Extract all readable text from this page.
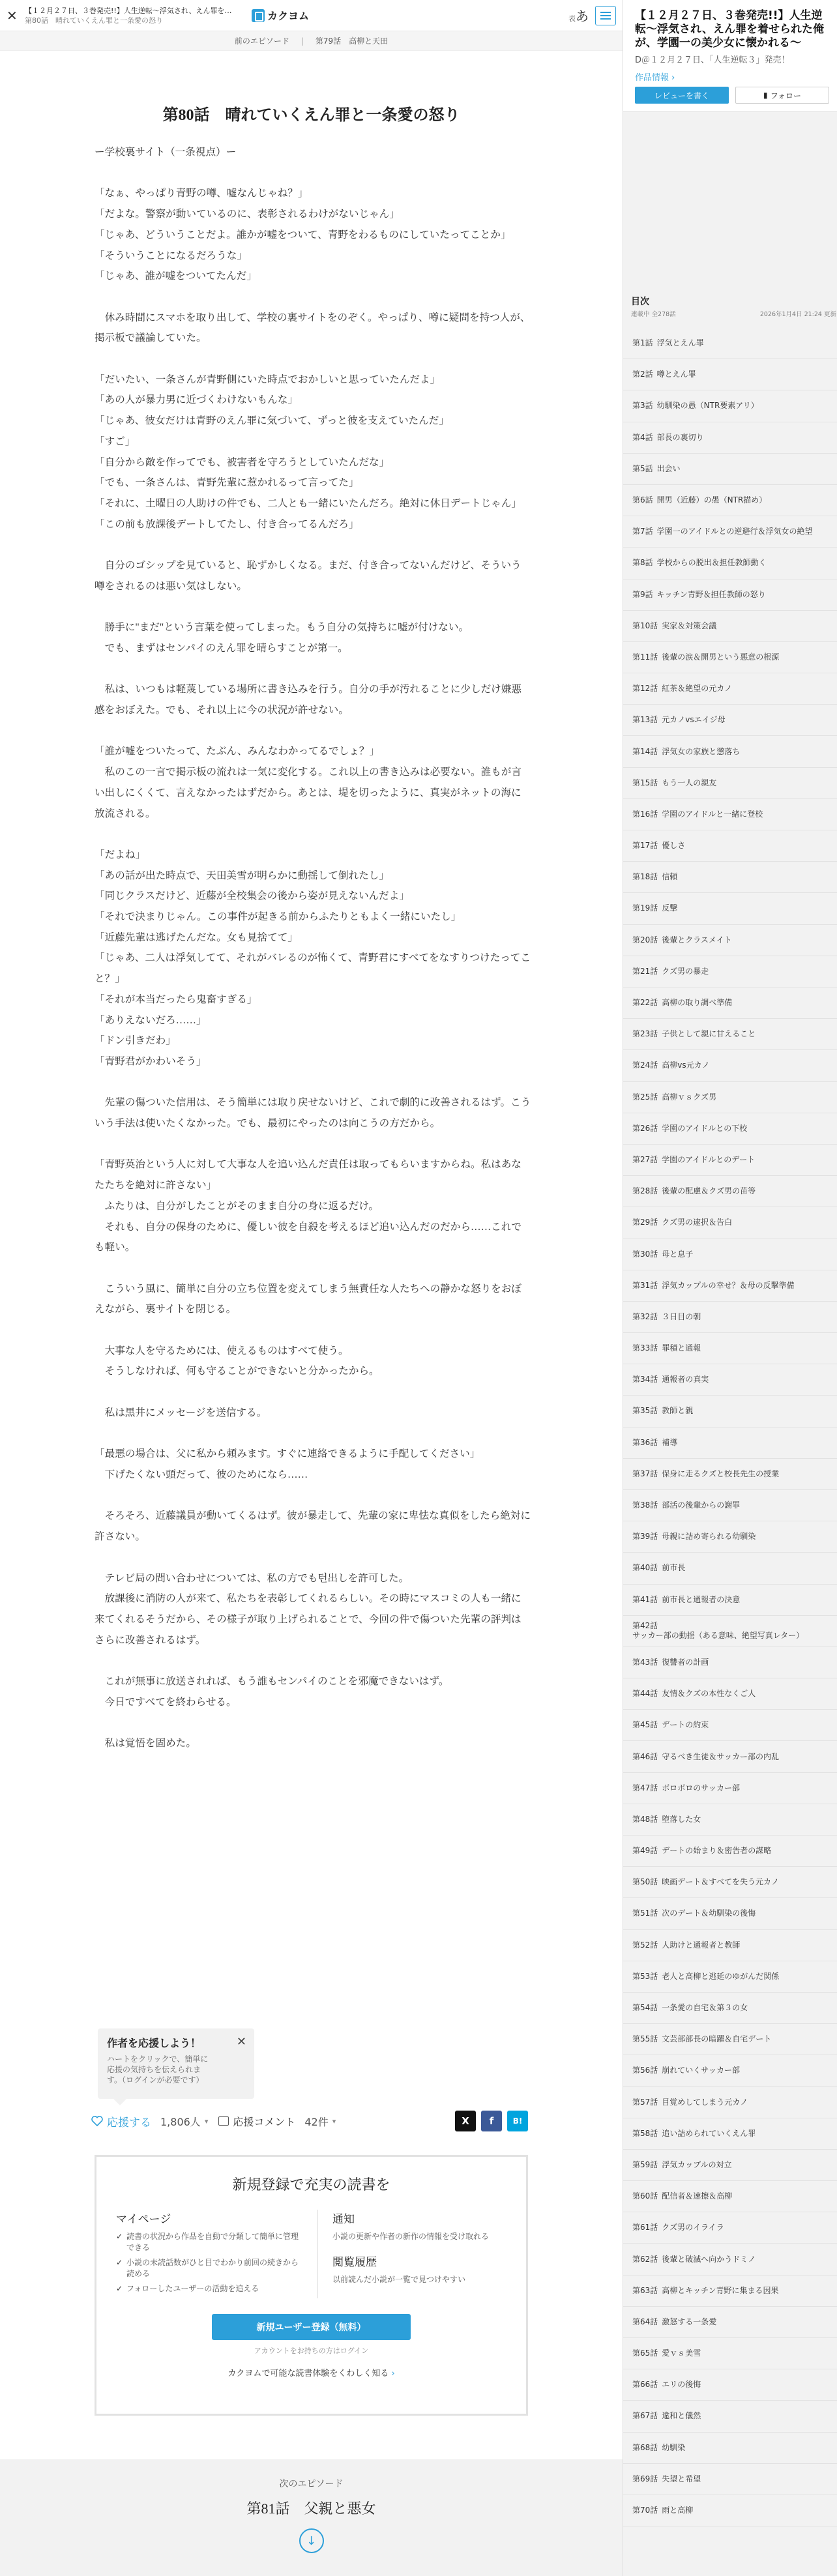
✕	【１２月２７日、３巻発売!!】人生逆転〜浮気され、えん罪を…
第80話　晴れていくえん罪と一条愛の怒り	カクヨム	表あ
前のエピソード | 第79話　高柳と天田
第80話　晴れていくえん罪と一条愛の怒り

ー学校裏サイト（一条視点）ー

「なぁ、やっぱり青野の噂、嘘なんじゃね？」

「だよな。警察が動いているのに、表彰されるわけがないじゃん」

「じゃあ、どういうことだよ。誰かが嘘をついて、青野をわるものにしていたってことか」

「そういうことになるだろうな」

「じゃあ、誰が嘘をついてたんだ」

　休み時間にスマホを取り出して、学校の裏サイトをのぞく。やっぱり、噂に疑問を持つ人が、掲示板で議論していた。

「だいたい、一条さんが青野側にいた時点でおかしいと思っていたんだよ」

「あの人が暴力男に近づくわけないもんな」

「じゃあ、彼女だけは青野のえん罪に気づいて、ずっと彼を支えていたんだ」

「すご」

「自分から敵を作ってでも、被害者を守ろうとしていたんだな」

「でも、一条さんは、青野先輩に惹かれるって言ってた」

「それに、土曜日の人助けの件でも、二人とも一緒にいたんだろ。絶対に休日デートじゃん」

「この前も放課後デートしてたし、付き合ってるんだろ」

　自分のゴシップを見ていると、恥ずかしくなる。まだ、付き合ってないんだけど、そういう噂をされるのは悪い気はしない。

　勝手に"まだ"という言葉を使ってしまった。もう自分の気持ちに嘘が付けない。

　でも、まずはセンパイのえん罪を晴らすことが第一。

　私は、いつもは軽蔑している場所に書き込みを行う。自分の手が汚れることに少しだけ嫌悪感をおぼえた。でも、それ以上に今の状況が許せない。

「誰が嘘をついたって、たぶん、みんなわかってるでしょ？」

　私のこの一言で掲示板の流れは一気に変化する。これ以上の書き込みは必要ない。誰もが言い出しにくくて、言えなかったはずだから。あとは、堤を切ったように、真実がネットの海に放流される。

「だよね」

「あの話が出た時点で、天田美雪が明らかに動揺して倒れたし」

「同じクラスだけど、近藤が全校集会の後から姿が見えないんだよ」

「それで決まりじゃん。この事件が起きる前からふたりともよく一緒にいたし」

「近藤先輩は逃げたんだな。女も見捨てて」

「じゃあ、二人は浮気してて、それがバレるのが怖くて、青野君にすべてをなすりつけたってこと？」

「それが本当だったら鬼畜すぎる」

「ありえないだろ……」

「ドン引きだわ」

「青野君がかわいそう」

　先輩の傷ついた信用は、そう簡単には取り戻せないけど、これで劇的に改善されるはず。こういう手法は使いたくなかった。でも、最初にやったのは向こうの方だから。

「青野英治という人に対して大事な人を追い込んだ責任は取ってもらいますからね。私はあなたたちを絶対に許さない」

　ふたりは、自分がしたことがそのまま自分の身に返るだけ。

　それも、自分の保身のために、優しい彼を自殺を考えるほど追い込んだのだから……これでも軽い。

　こういう風に、簡単に自分の立ち位置を変えてしまう無責任な人たちへの静かな怒りをおぼえながら、裏サイトを閉じる。

　大事な人を守るためには、使えるものはすべて使う。

　そうしなければ、何も守ることができないと分かったから。

　私は黒井にメッセージを送信する。

「最悪の場合は、父に私から頼みます。すぐに連絡できるように手配してください」

　下げたくない頭だって、彼のためになら……

　そろそろ、近藤議員が動いてくるはず。彼が暴走して、先輩の家に卑怯な真似をしたら絶対に許さない。

　テレビ局の問い合わせについては、私の方でも턴出しを許可した。

　放課後に消防の人が来て、私たちを表彰してくれるらしい。その時にマスコミの人も一緒に来てくれるそうだから、その様子が取り上げられることで、今回の件で傷ついた先輩の評判はさらに改善されるはず。

　これが無事に放送されれば、もう誰もセンパイのことを邪魔できないはず。

　今日ですべてを終わらせる。

　私は覚悟を固めた。

作者を応援しよう！
ハートをクリックで、簡単に応援の気持ちを伝えられます。（ログインが必要です）
✕
応援する 1,806人 ▾ 応援コメント 42件 ▾	X	f	B!
新規登録で充実の読書を
マイページ
✓ 読書の状況から作品を自動で分類して簡単に管理できる
✓ 小説の未読話数がひと目でわかり前回の続きから読める
✓ フォローしたユーザーの活動を追える
通知
小説の更新や作者の新作の情報を受け取れる
閲覧履歴
以前読んだ小説が一覧で見つけやすい
新規ユーザー登録（無料）
アカウントをお持ちの方はログイン
カクヨムで可能な読書体験をくわしく知る ›
次のエピソード
第81話　父親と悪女
↓
【１２月２７日、３巻発売!!】人生逆転〜浮気され、えん罪を着せられた俺が、学園一の美少女に懐かれる〜
D＠１２月２７日、「人生逆転３」発売！
作品情報 ›
レビューを書く	▮ フォロー
目次
連載中 全278話	2026年1月4日 21:24 更新
第1話 浮気とえん罪
第2話 噂とえん罪
第3話 幼馴染の愚（NTR要素アリ）
第4話 部長の裏切り
第5話 出会い
第6話 開男（近藤）の愚（NTR描め）
第7話 学園一のアイドルとの逆避行＆浮気女の絶望
第8話 学校からの脱出＆担任教師動く
第9話 キッチン青野＆担任教師の怒り
第10話 実家＆対策会議
第11話 後輩の涙＆開男という悪意の根源
第12話 紅茶＆絶望の元カノ
第13話 元カノvsエイジ母
第14話 浮気女の家族と懲落ち
第15話 もう一人の親友
第16話 学園のアイドルと一緒に登校
第17話 優しさ
第18話 信頼
第19話 反撃
第20話 後輩とクラスメイト
第21話 クズ男の暴走
第22話 高柳の取り調べ準備
第23話 子供として親に甘えること
第24話 高柳vs元カノ
第25話 高柳ｖｓクズ男
第26話 学園のアイドルとの下校
第27話 学園のアイドルとのデート
第28話 後輩の配慮＆クズ男の苗等
第29話 クズ男の逮択＆告白
第30話 母と息子
第31話 浮気カップルの幸せ？＆母の反撃準備
第32話 ３日目の朝
第33話 罪積と通報
第34話 通報者の真実
第35話 教師と親
第36話 補導
第37話 保身に走るクズと校長先生の授業
第38話 部活の後輩からの謝罪
第39話 母親に詰め寄られる幼馴染
第40話 前市長
第41話 前市長と通報者の決意
第42話サッカー部の動揺（ある意味、絶望写真レター）
第43話 復讐者の計画
第44話 友情＆クズの本性なくご人
第45話 デートの約束
第46話 守るべき生徒＆サッカー部の内乱
第47話 ボロボロのサッカー部
第48話 堕落した女
第49話 デートの始まり＆密告者の謀略
第50話 映画デート＆すべてを失う元カノ
第51話 次のデート＆幼馴染の後悔
第52話 人助けと通報者と教師
第53話 老人と高柳と逃延のゆがんだ関係
第54話 一条愛の自宅＆第３の女
第55話 文芸部部長の暗躍＆自宅デート
第56話 崩れていくサッカー部
第57話 目覚めしてしまう元カノ
第58話 追い詰められていくえん罪
第59話 浮気カップルの対立
第60話 配信者＆速擦＆高柳
第61話 クズ男のイライラ
第62話 後輩と破滅へ向かうドミノ
第63話 高柳とキッチン青野に集まる因果
第64話 激怒する一条愛
第65話 愛ｖｓ美雪
第66話 エリの後悔
第67話 違和と儀然
第68話 幼馴染
第69話 失望と希望
第70話 雨と高柳
